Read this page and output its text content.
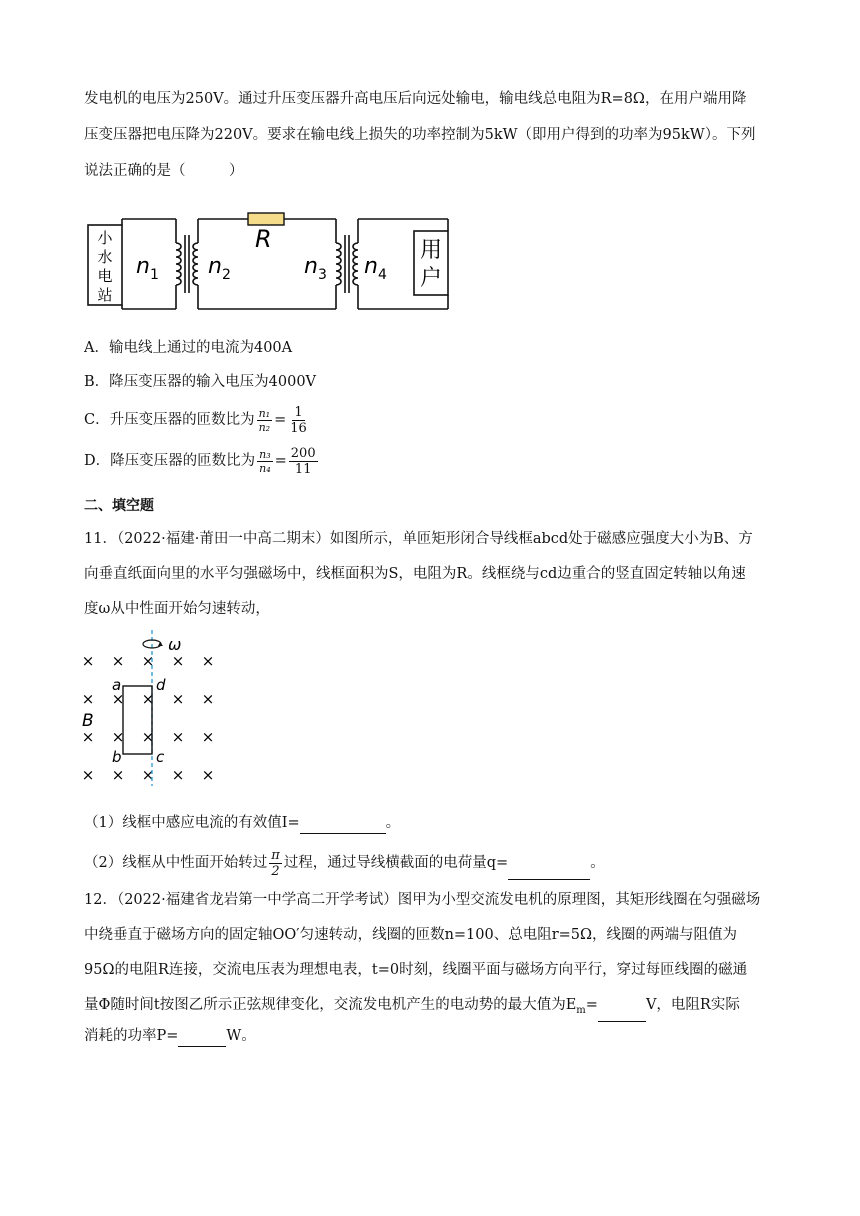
发电机的电压为250V。通过升压变压器升高电压后向远处输电，输电线总电阻为R=8Ω，在用户端用降
压变压器把电压降为220V。要求在输电线上损失的功率控制为5kW（即用户得到的功率为95kW）。下列
说法正确的是（　　　）
小
水
电
站
用
户
R
n 1 n 2	n 3 n 4
A．输电线上通过的电流为400A
B．降压变压器的输入电压为4000V
C．升压变压器的匝数比为 $\frac{\text{n₁}}{\text{n₂}} = \frac{1}{16}$
D．降压变压器的匝数比为 $\frac{\text{n₃}}{\text{n₄}} = \frac{200}{11}$
二、填空题
11．（2022·福建·莆田一中高二期末）如图所示，单匝矩形闭合导线框abcd处于磁感应强度大小为B、方
向垂直纸面向里的水平匀强磁场中，线框面积为S，电阻为R。线框绕与cd边重合的竖直固定转轴以角速
度ω从中性面开始匀速转动，
× × × × ×
× × × ×
× × × × ×
× × × × ×
×
ω
a d
b c
B
（1）线框中感应电流的有效值I=	。
（2）线框从中性面开始转过 $\frac{\pi}{2}$ 过程，通过导线横截面的电荷量q=	。
12．（2022·福建省龙岩第一中学高二开学考试）图甲为小型交流发电机的原理图，其矩形线圈在匀强磁场
中绕垂直于磁场方向的固定轴OO′匀速转动，线圈的匝数n=100、总电阻r=5Ω，线圈的两端与阻值为
95Ω的电阻R连接，交流电压表为理想电表，t=0时刻，线圈平面与磁场方向平行，穿过每匝线圈的磁通
量Φ随时间t按图乙所示正弦规律变化，交流发电机产生的电动势的最大值为$E_m=$	V，电阻R实际
消耗的功率P=	W。
